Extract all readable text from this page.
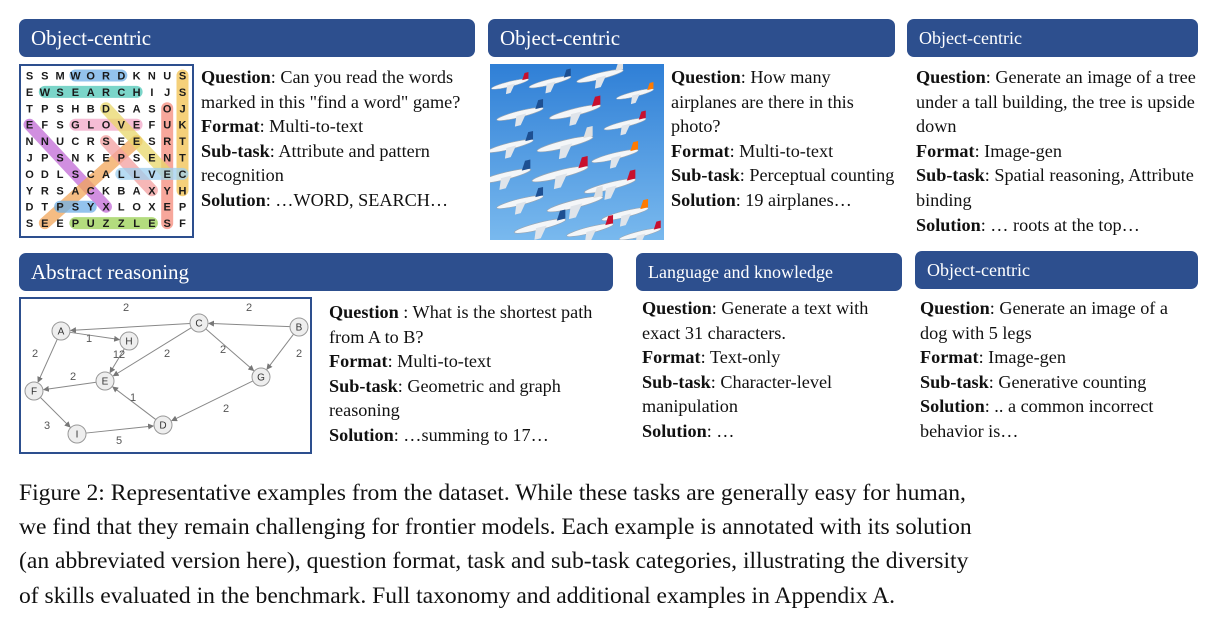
Object-centric
S S M W O R D K N U S
E W S E A R C H I J S
T P S H B D S A S O J
E F S G L O V E F U K
N N U C R S E E S R T
J P S N K E P S E N T
O D L S C A L L V E C
Y R S A C K B A X Y H
D T P S Y X L O X E P
S E E P U Z Z L E S F
Question: Can you read the words marked in this "find a word" game?
Format: Multi-to-text
Sub-task: Attribute and pattern recognition
Solution: …WORD, SEARCH…
Object-centric
Question: How many airplanes are there in this photo?
Format: Multi-to-text
Sub-task: Perceptual counting
Solution: 19 airplanes…
Object-centric
Question: Generate an image of a tree under a tall building, the tree is upside down
Format: Image-gen
Sub-task: Spatial reasoning, Attribute binding
Solution: … roots at the top…
Abstract reasoning
2	2
1
2	12	2	2	2
2
1
2
3
5
A
H
C	B
F
E	G
I
D
Question : What is the shortest path from A to B?
Format: Multi-to-text
Sub-task: Geometric and graph reasoning
Solution: …summing to 17…
Language and knowledge
Question: Generate a text with exact 31 characters.
Format: Text-only
Sub-task: Character-level manipulation
Solution: …
Object-centric
Question: Generate an image of a dog with 5 legs
Format: Image-gen
Sub-task: Generative counting
Solution: .. a common incorrect behavior is…
Figure 2: Representative examples from the dataset. While these tasks are generally easy for human,
we find that they remain challenging for frontier models. Each example is annotated with its solution
(an abbreviated version here), question format, task and sub-task categories, illustrating the diversity
of skills evaluated in the benchmark. Full taxonomy and additional examples in Appendix A.
